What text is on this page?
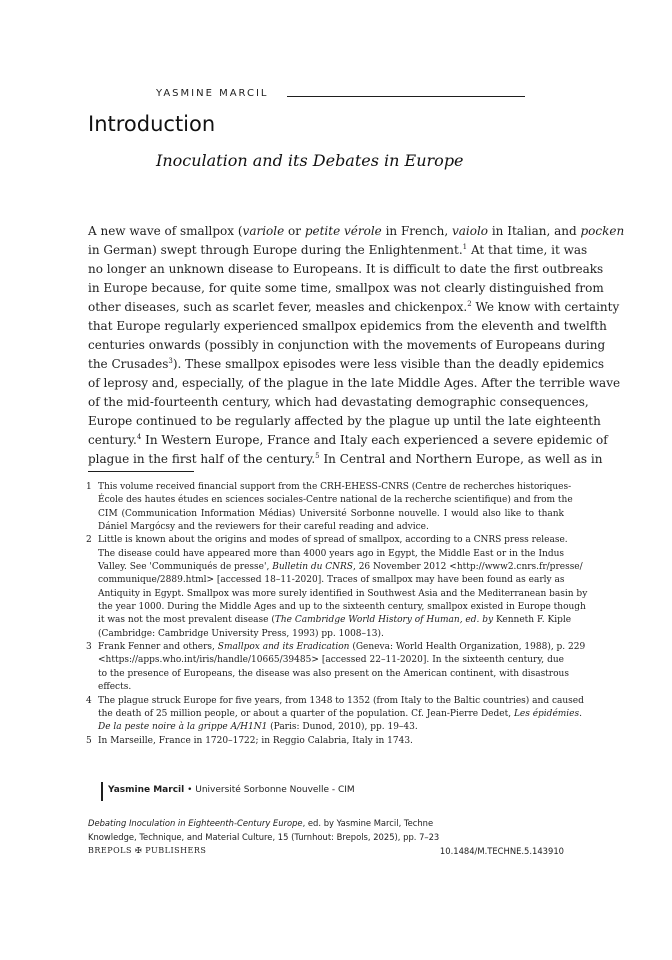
YASMINE MARCIL
Introduction
Inoculation and its Debates in Europe
A new wave of smallpox (variole or petite vérole in French, vaiolo in Italian, and pocken
in German) swept through Europe during the Enlightenment.$^1$ At that time, it was
no longer an unknown disease to Europeans. It is difficult to date the first outbreaks
in Europe because, for quite some time, smallpox was not clearly distinguished from
other diseases, such as scarlet fever, measles and chickenpox.$^2$ We know with certainty
that Europe regularly experienced smallpox epidemics from the eleventh and twelfth
centuries onwards (possibly in conjunction with the movements of Europeans during
the Crusades$^3$). These smallpox episodes were less visible than the deadly epidemics
of leprosy and, especially, of the plague in the late Middle Ages. After the terrible wave
of the mid-fourteenth century, which had devastating demographic consequences,
Europe continued to be regularly affected by the plague up until the late eighteenth
century.$^4$ In Western Europe, France and Italy each experienced a severe epidemic of
plague in the first half of the century.$^5$ In Central and Northern Europe, as well as in
1 This volume received financial support from the CRH-EHESS-CNRS (Centre de recherches historiques-
École des hautes études en sciences sociales-Centre national de la recherche scientifique) and from the
CIM (Communication Information Médias) Université Sorbonne nouvelle. I would also like to thank
Dániel Margócsy and the reviewers for their careful reading and advice.
2 Little is known about the origins and modes of spread of smallpox, according to a CNRS press release.
The disease could have appeared more than 4000 years ago in Egypt, the Middle East or in the Indus
Valley. See 'Communiqués de presse', Bulletin du CNRS, 26 November 2012 <http://www2.cnrs.fr/presse/
communique/2889.html> [accessed 18–11-2020]. Traces of smallpox may have been found as early as
Antiquity in Egypt. Smallpox was more surely identified in Southwest Asia and the Mediterranean basin by
the year 1000. During the Middle Ages and up to the sixteenth century, smallpox existed in Europe though
it was not the most prevalent disease (The Cambridge World History of Human, ed. by Kenneth F. Kiple
(Cambridge: Cambridge University Press, 1993) pp. 1008–13).
3 Frank Fenner and others, Smallpox and its Eradication (Geneva: World Health Organization, 1988), p. 229
<https://apps.who.int/iris/handle/10665/39485> [accessed 22–11-2020]. In the sixteenth century, due
to the presence of Europeans, the disease was also present on the American continent, with disastrous
effects.
4 The plague struck Europe for five years, from 1348 to 1352 (from Italy to the Baltic countries) and caused
the death of 25 million people, or about a quarter of the population. Cf. Jean-Pierre Dedet, Les épidémies.
De la peste noire à la grippe A/H1N1 (Paris: Dunod, 2010), pp. 19–43.
5 In Marseille, France in 1720–1722; in Reggio Calabria, Italy in 1743.
Yasmine Marcil • Université Sorbonne Nouvelle - CIM
Debating Inoculation in Eighteenth-Century Europe, ed. by Yasmine Marcil, Techne
Knowledge, Technique, and Material Culture, 15 (Turnhout: Brepols, 2025), pp. 7–23
BREPOLS ✠ PUBLISHERS	10.1484/M.TECHNE.5.143910
